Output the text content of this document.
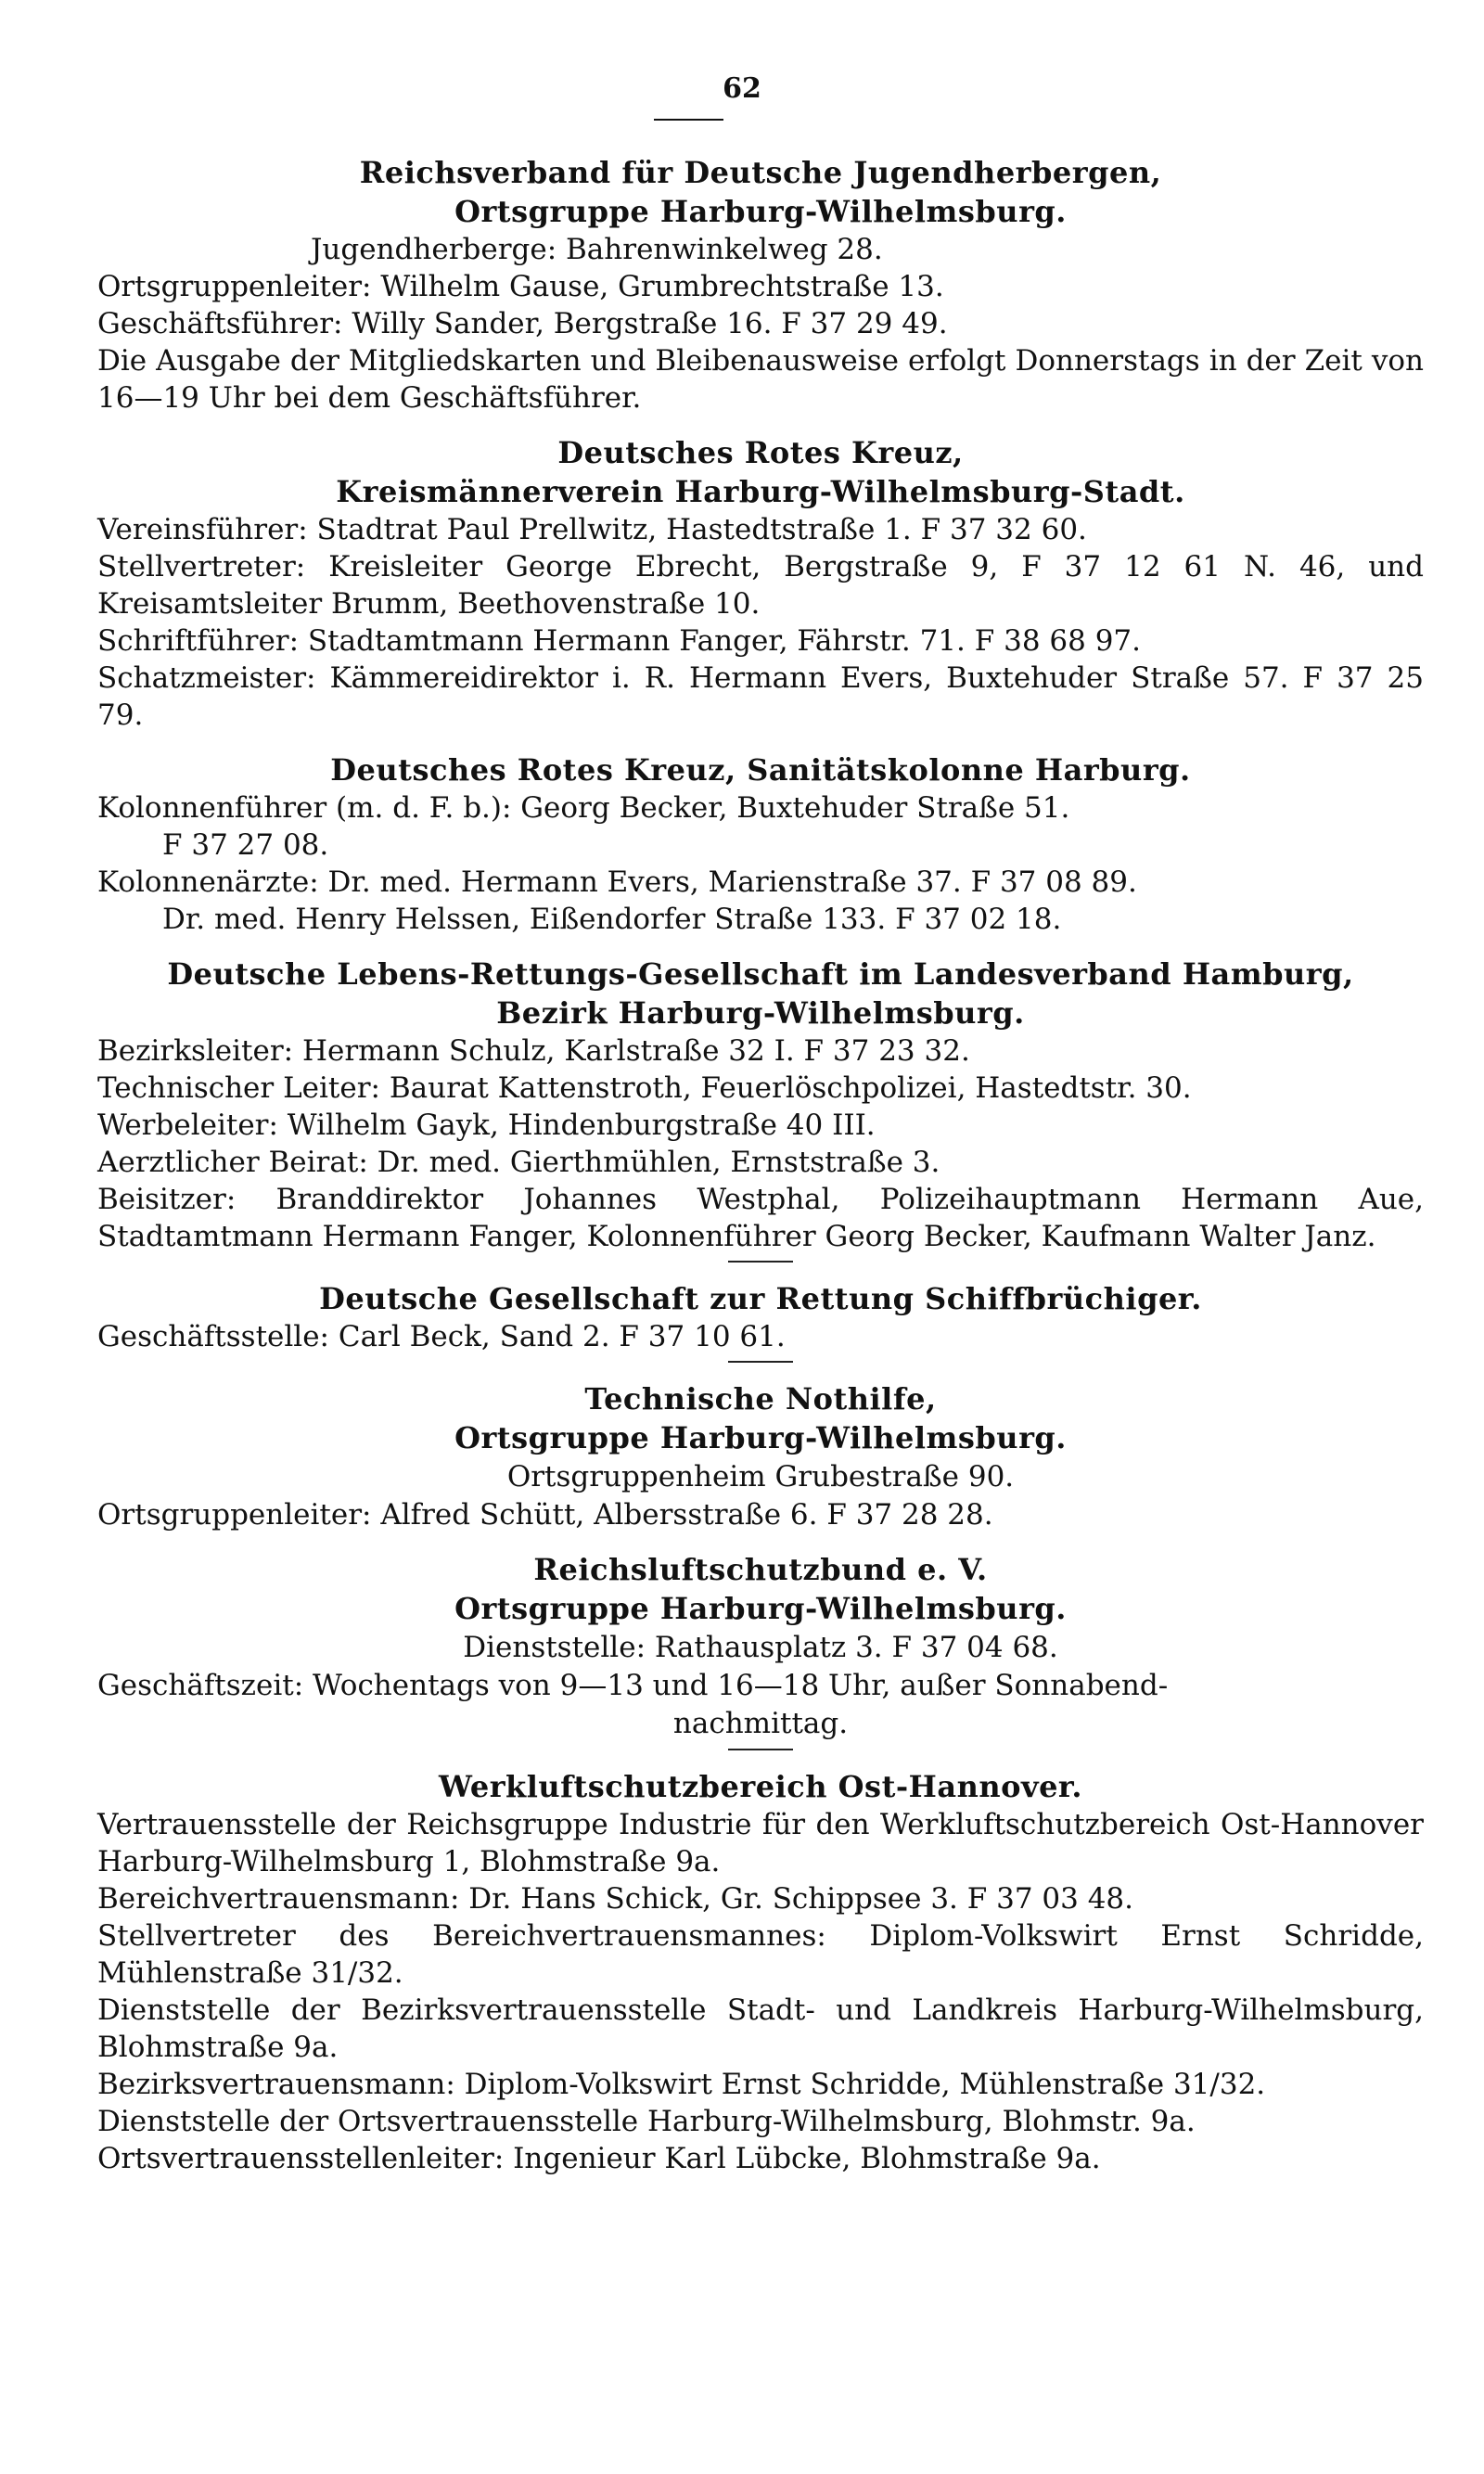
62
Reichsverband für Deutsche Jugendherbergen,
Ortsgruppe Harburg-Wilhelmsburg.
Jugendherberge: Bahrenwinkelweg 28.
Ortsgruppenleiter: Wilhelm Gause, Grumbrechtstraße 13.
Geschäftsführer: Willy Sander, Bergstraße 16. F 37 29 49.
Die Ausgabe der Mitgliedskarten und Bleibenausweise erfolgt Donnerstags in der Zeit von 16—19 Uhr bei dem Geschäftsführer.
Deutsches Rotes Kreuz,
Kreismännerverein Harburg-Wilhelmsburg-Stadt.
Vereinsführer: Stadtrat Paul Prellwitz, Hastedtstraße 1. F 37 32 60.
Stellvertreter: Kreisleiter George Ebrecht, Bergstraße 9, F 37 12 61 N. 46, und Kreisamtsleiter Brumm, Beethovenstraße 10.
Schriftführer: Stadtamtmann Hermann Fanger, Fährstr. 71. F 38 68 97.
Schatzmeister: Kämmereidirektor i. R. Hermann Evers, Buxtehuder Straße 57. F 37 25 79.
Deutsches Rotes Kreuz, Sanitätskolonne Harburg.
Kolonnenführer (m. d. F. b.): Georg Becker, Buxtehuder Straße 51.
F 37 27 08.
Kolonnenärzte: Dr. med. Hermann Evers, Marienstraße 37. F 37 08 89.
Dr. med. Henry Helssen, Eißendorfer Straße 133. F 37 02 18.
Deutsche Lebens-Rettungs-Gesellschaft im Landesverband Hamburg,
Bezirk Harburg-Wilhelmsburg.
Bezirksleiter: Hermann Schulz, Karlstraße 32 I. F 37 23 32.
Technischer Leiter: Baurat Kattenstroth, Feuerlöschpolizei, Hastedtstr. 30.
Werbeleiter: Wilhelm Gayk, Hindenburgstraße 40 III.
Aerztlicher Beirat: Dr. med. Gierthmühlen, Ernststraße 3.
Beisitzer: Branddirektor Johannes Westphal, Polizeihauptmann Hermann Aue, Stadtamtmann Hermann Fanger, Kolonnenführer Georg Becker, Kaufmann Walter Janz.
Deutsche Gesellschaft zur Rettung Schiffbrüchiger.
Geschäftsstelle: Carl Beck, Sand 2. F 37 10 61.
Technische Nothilfe,
Ortsgruppe Harburg-Wilhelmsburg.
Ortsgruppenheim Grubestraße 90.
Ortsgruppenleiter: Alfred Schütt, Albersstraße 6. F 37 28 28.
Reichsluftschutzbund e. V.
Ortsgruppe Harburg-Wilhelmsburg.
Dienststelle: Rathausplatz 3. F 37 04 68.
Geschäftszeit: Wochentags von 9—13 und 16—18 Uhr, außer Sonnabend-
nachmittag.
Werkluftschutzbereich Ost-Hannover.
Vertrauensstelle der Reichsgruppe Industrie für den Werkluftschutzbereich Ost-Hannover Harburg-Wilhelmsburg 1, Blohmstraße 9a.
Bereichvertrauensmann: Dr. Hans Schick, Gr. Schippsee 3. F 37 03 48.
Stellvertreter des Bereichvertrauensmannes: Diplom-Volkswirt Ernst Schridde, Mühlenstraße 31/32.
Dienststelle der Bezirksvertrauensstelle Stadt- und Landkreis Harburg-Wilhelmsburg, Blohmstraße 9a.
Bezirksvertrauensmann: Diplom-Volkswirt Ernst Schridde, Mühlenstraße 31/32.
Dienststelle der Ortsvertrauensstelle Harburg-Wilhelmsburg, Blohmstr. 9a.
Ortsvertrauensstellenleiter: Ingenieur Karl Lübcke, Blohmstraße 9a.
